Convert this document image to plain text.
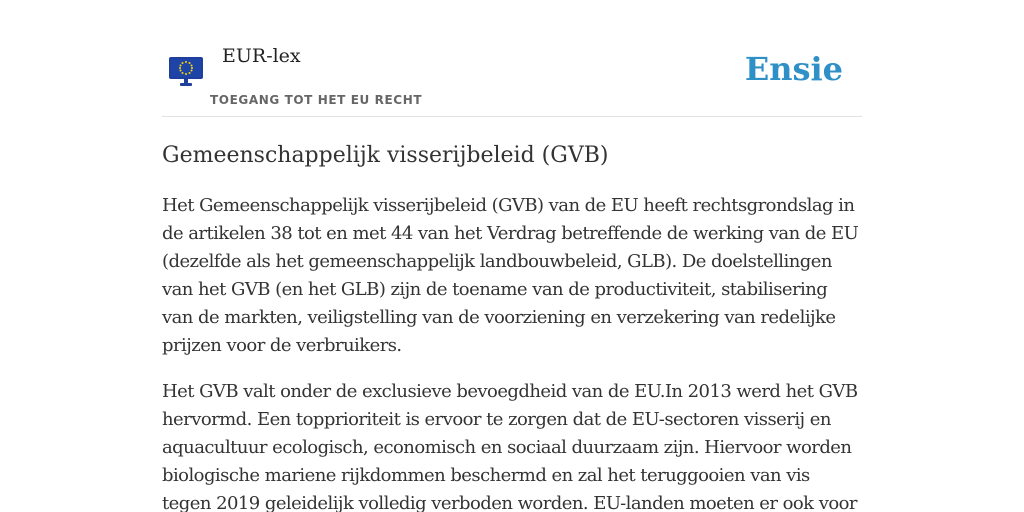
EUR-lex
TOEGANG TOT HET EU RECHT
Ensie
Gemeenschappelijk visserijbeleid (GVB)

Het Gemeenschappelijk visserijbeleid (GVB) van de EU heeft rechtsgrondslag in de artikelen 38 tot en met 44 van het Verdrag betreffende de werking van de EU (dezelfde als het gemeenschappelijk landbouwbeleid, GLB). De doelstellingen van het GVB (en het GLB) zijn de toename van de productiviteit, stabilisering van de markten, veiligstelling van de voorziening en verzekering van redelijke prijzen voor de verbruikers.

Het GVB valt onder de exclusieve bevoegdheid van de EU.In 2013 werd het GVB hervormd. Een topprioriteit is ervoor te zorgen dat de EU-sectoren visserij en aquacultuur ecologisch, economisch en sociaal duurzaam zijn. Hiervoor worden biologische mariene rijkdommen beschermd en zal het teruggooien van vis tegen 2019 geleidelijk volledig verboden worden. EU-landen moeten er ook voor
